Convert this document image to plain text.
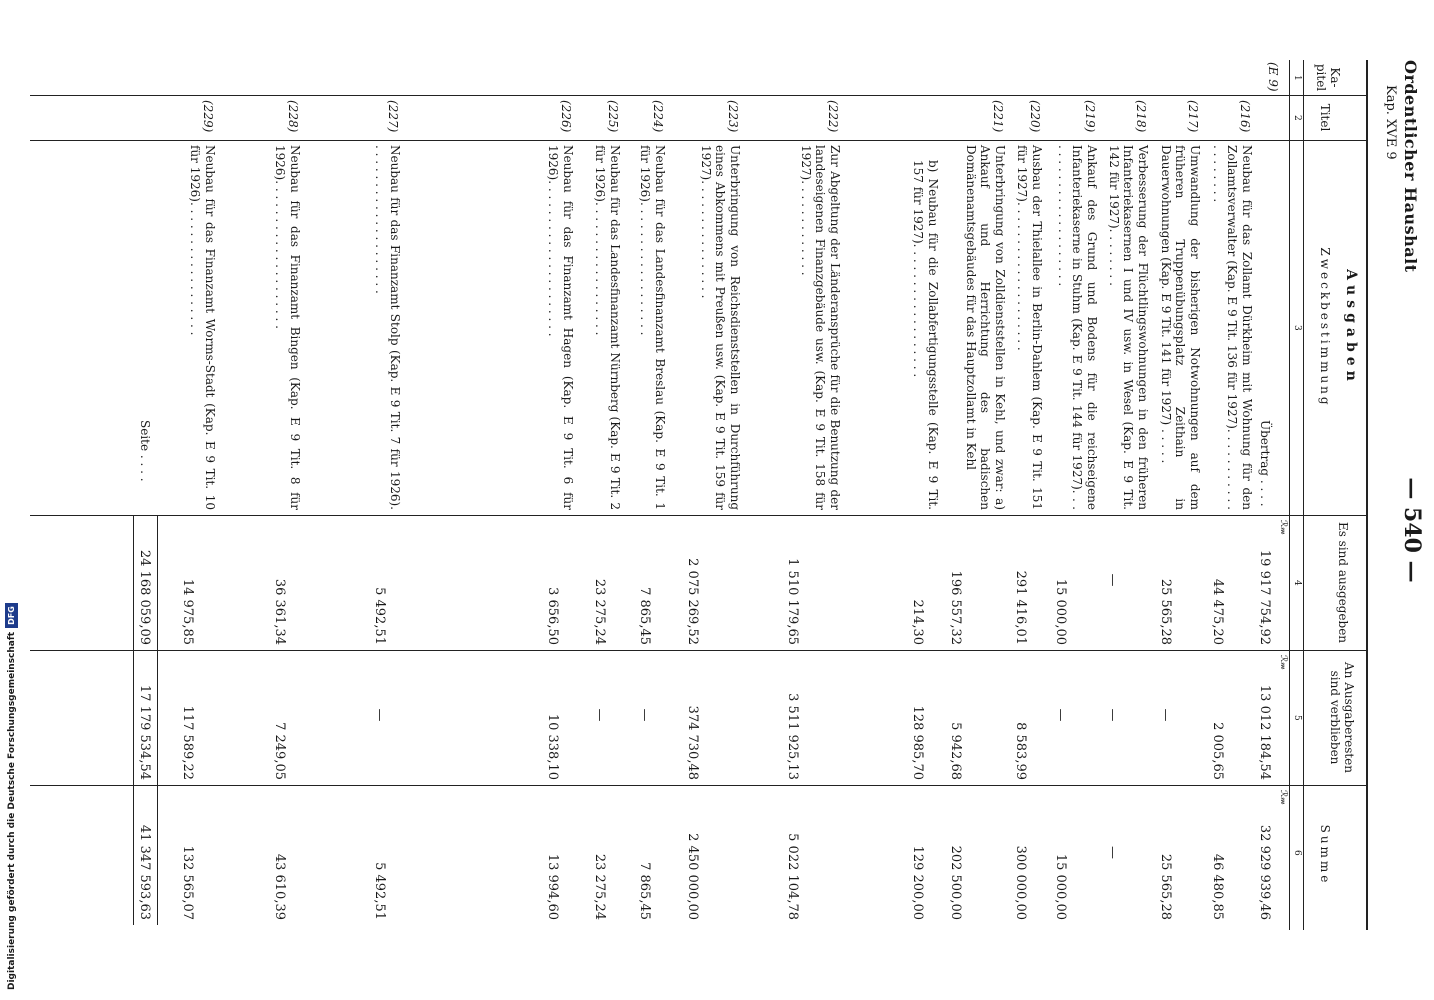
Digitalisierung gefördert durch die Deutsche ForschungsgemeinschaftDFG
Ordentlicher Haushalt
Kap. XVE 9
— 540 —
Ka- pitel
Titel
Ausgaben
Zweckbestimmung
Es sind ausgegeben
An Ausgaberesten sind verblieben
Summe
1
2
3
4
5
6
ℛ𝓂
ℛ𝓂
ℛ𝓂
(E 9)
Übertrag . . . .
19 917 754,92
13 012 184,54
32 929 939,46
(216)
Neubau für das Zollamt Dürkheim mit Wohnung für den Zollamtsverwalter (Kap. E 9 Tit. 136 für 1927). . . . . . . . . . . . . . . . . . .
44 475,20
2 005,65
46 480,85
(217)
Umwandlung der bisherigen Notwohnungen auf dem früheren Truppenübungsplatz Zeithain in Dauerwohnungen (Kap. E 9 Tit. 141 für 1927) . . . . .
25 565,28
—
25 565,28
(218)
Verbesserung der Flüchtlingswohnungen in den früheren Infanteriekasernen I und IV usw. in Wesel (Kap. E 9 Tit. 142 für 1927). . . . . . . .
—
—
—
(219)
Ankauf des Grund und Bodens für die reichseigene Infanteriekaserne in Stuhm (Kap. E 9 Tit. 144 für 1927). . . . . . . . . . . . . . . . . . . . . .
15 000,00
—
15 000,00
(220)
Ausbau der Thielallee in Berlin-Dahlem (Kap. E 9 Tit. 151 für 1927). . . . . . . . . . . . . . . . . . . .
291 416,01
8 583,99
300 000,00
(221)
Unterbringung von Zolldienststellen in Kehl, und zwar: a) Ankauf und Herrichtung des badischen Domänenamtsgebäudes für das Hauptzollamt in Kehl
196 557,32
5 942,68
202 500,00
b) Neubau für die Zollabfertigungsstelle (Kap. E 9 Tit. 157 für 1927). . . . . . . . . . . . . . . . . .
214,30
128 985,70
129 200,00
(222)
Zur Abgeltung der Länderansprüche für die Benutzung der landeseigenen Finanzgebäude usw. (Kap. E 9 Tit. 158 für 1927). . . . . . . . . . . . .
1 510 179,65
3 511 925,13
5 022 104,78
(223)
Unterbringung von Reichsdienststellen in Durchführung eines Abkommens mit Preußen usw. (Kap. E 9 Tit. 159 für 1927). . . . . . . . . . . . . . . .
2 075 269,52
374 730,48
2 450 000,00
(224)
Neubau für das Landesfinanzamt Breslau (Kap. E 9 Tit. 1 für 1926). . . . . . . . . . . . . . . . . .
7 865,45
—
7 865,45
(225)
Neubau für das Landesfinanzamt Nürnberg (Kap. E 9 Tit. 2 für 1926). . . . . . . . . . . . . . . . . .
23 275,24
—
23 275,24
(226)
Neubau für das Finanzamt Hagen (Kap. E 9 Tit. 6 für 1926). . . . . . . . . . . . . . . . . . . . .
3 656,50
10 338,10
13 994,60
(227)
Neubau für das Finanzamt Stolp (Kap. E 9 Tit. 7 für 1926). . . . . . . . . . . . . . . . . . . . .
5 492,51
—
5 492,51
(228)
Neubau für das Finanzamt Bingen (Kap. E 9 Tit. 8 für 1926). . . . . . . . . . . . . . . . . . . .
36 361,34
7 249,05
43 610,39
(229)
Neubau für das Finanzamt Worms-Stadt (Kap. E 9 Tit. 10 für 1926). . . . . . . . . . . . . . . . . .
14 975,85
117 589,22
132 565,07
Seite . . . .
24 168 059,09
17 179 534,54
41 347 593,63
